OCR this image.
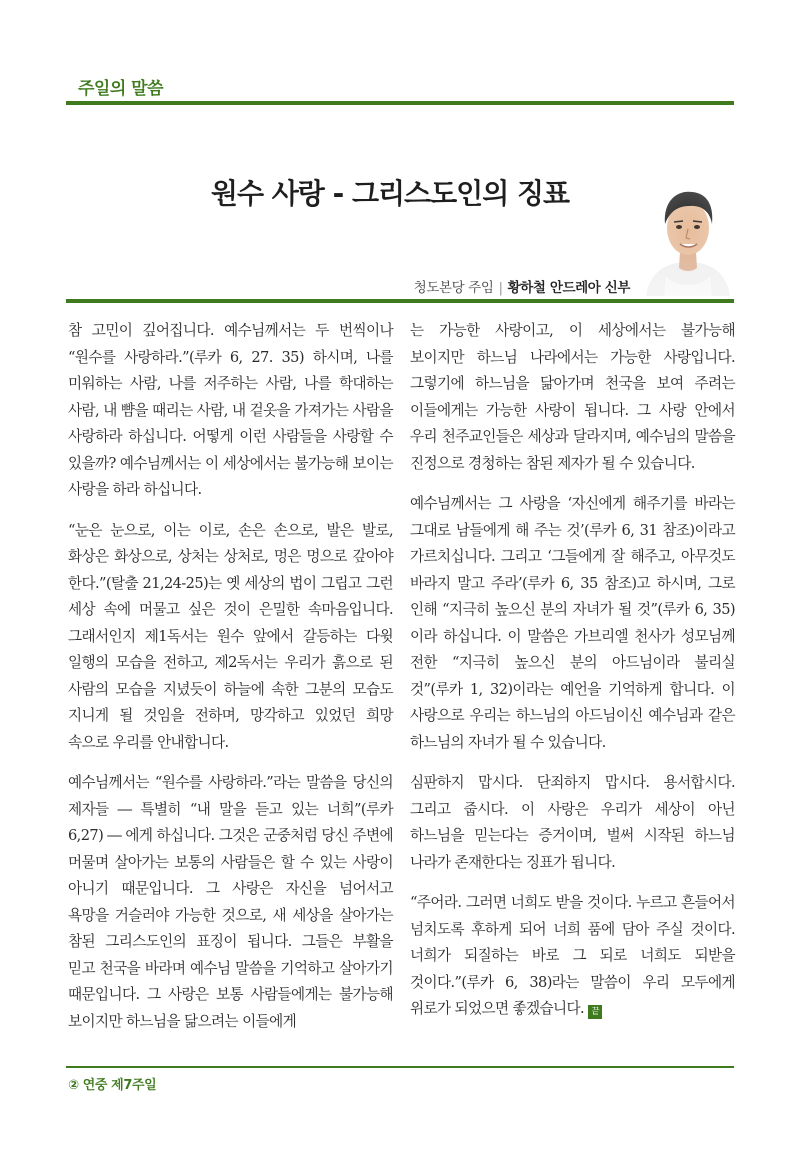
주일의 말씀
원수 사랑 - 그리스도인의 징표
청도본당 주임 | 황하철 안드레아 신부

참 고민이 깊어집니다. 예수님께서는 두 번씩이나 “원수를 사랑하라.”(루카 6, 27. 35) 하시며, 나를 미워하는 사람, 나를 저주하는 사람, 나를 학대하는 사람, 내 뺨을 때리는 사람, 내 겉옷을 가져가는 사람을 사랑하라 하십니다. 어떻게 이런 사람들을 사랑할 수 있을까? 예수님께서는 이 세상에서는 불가능해 보이는 사랑을 하라 하십니다.

“눈은 눈으로, 이는 이로, 손은 손으로, 발은 발로, 화상은 화상으로, 상처는 상처로, 멍은 멍으로 갚아야 한다.”(탈출 21,24-25)는 옛 세상의 법이 그립고 그런 세상 속에 머물고 싶은 것이 은밀한 속마음입니다. 그래서인지 제1독서는 원수 앞에서 갈등하는 다윗 일행의 모습을 전하고, 제2독서는 우리가 흙으로 된 사람의 모습을 지녔듯이 하늘에 속한 그분의 모습도 지니게 될 것임을 전하며, 망각하고 있었던 희망 속으로 우리를 안내합니다.

예수님께서는 “원수를 사랑하라.”라는 말씀을 당신의 제자들 ― 특별히 “내 말을 듣고 있는 너희”(루카 6,27) ― 에게 하십니다. 그것은 군중처럼 당신 주변에 머물며 살아가는 보통의 사람들은 할 수 있는 사랑이 아니기 때문입니다. 그 사랑은 자신을 넘어서고 욕망을 거슬러야 가능한 것으로, 새 세상을 살아가는 참된 그리스도인의 표징이 됩니다. 그들은 부활을 믿고 천국을 바라며 예수님 말씀을 기억하고 살아가기 때문입니다. 그 사랑은 보통 사람들에게는 불가능해 보이지만 하느님을 닮으려는 이들에게

는 가능한 사랑이고, 이 세상에서는 불가능해 보이지만 하느님 나라에서는 가능한 사랑입니다. 그렇기에 하느님을 닮아가며 천국을 보여 주려는 이들에게는 가능한 사랑이 됩니다. 그 사랑 안에서 우리 천주교인들은 세상과 달라지며, 예수님의 말씀을 진정으로 경청하는 참된 제자가 될 수 있습니다.

예수님께서는 그 사랑을 ‘자신에게 해주기를 바라는 그대로 남들에게 해 주는 것’(루카 6, 31 참조)이라고 가르치십니다. 그리고 ‘그들에게 잘 해주고, 아무것도 바라지 말고 주라’(루카 6, 35 참조)고 하시며, 그로 인해 “지극히 높으신 분의 자녀가 될 것”(루카 6, 35)이라 하십니다. 이 말씀은 가브리엘 천사가 성모님께 전한 “지극히 높으신 분의 아드님이라 불리실 것”(루카 1, 32)이라는 예언을 기억하게 합니다. 이 사랑으로 우리는 하느님의 아드님이신 예수님과 같은 하느님의 자녀가 될 수 있습니다.

심판하지 맙시다. 단죄하지 맙시다. 용서합시다. 그리고 줍시다. 이 사랑은 우리가 세상이 아닌 하느님을 믿는다는 증거이며, 벌써 시작된 하느님 나라가 존재한다는 징표가 됩니다.

“주어라. 그러면 너희도 받을 것이다. 누르고 흔들어서 넘치도록 후하게 되어 너희 품에 담아 주실 것이다. 너희가 되질하는 바로 그 되로 너희도 되받을 것이다.”(루카 6, 38)라는 말씀이 우리 모두에게 위로가 되었으면 좋겠습니다. 끝

② 연중 제7주일
